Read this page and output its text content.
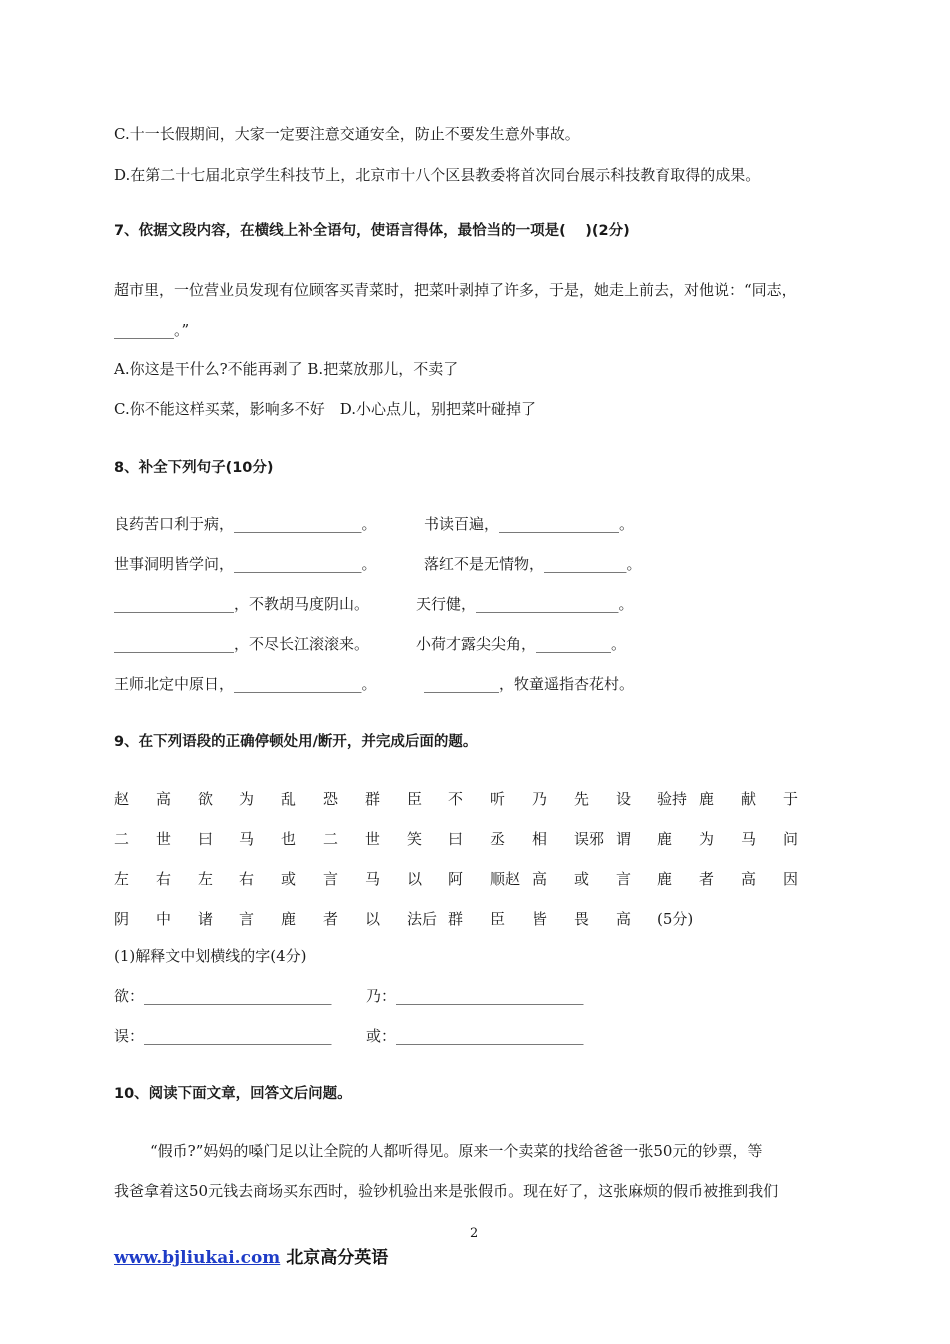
C.十一长假期间，大家一定要注意交通安全，防止不要发生意外事故。
D.在第二十七届北京学生科技节上，北京市十八个区县教委将首次同台展示科技教育取得的成果。
7、依据文段内容，在横线上补全语句，使语言得体，最恰当的一项是(　 )(2分)
超市里，一位营业员发现有位顾客买青菜时，把菜叶剥掉了许多，于是，她走上前去，对他说：“同志，
________。”
A.你这是干什么?不能再剥了 B.把菜放那儿，不卖了
C.你不能这样买菜，影响多不好　D.小心点儿，别把菜叶碰掉了
8、补全下列句子(10分)
良药苦口利于病，_________________。	书读百遍，________________。
世事洞明皆学问，_________________。	落红不是无情物，___________。
________________，不教胡马度阴山。	天行健，___________________。
________________，不尽长江滚滚来。	小荷才露尖尖角，__________。
王师北定中原日，_________________。	__________，牧童遥指杏花村。
9、在下列语段的正确停顿处用/断开，并完成后面的题。
赵 高 欲 为 乱 恐 群 臣 不 听 乃 先 设 验持 鹿 献 于
二 世 曰 马 也 二 世 笑 曰 丞 相 误邪 谓 鹿 为 马 问
左 右 左 右 或 言 马 以 阿 顺赵 高 或 言 鹿 者 高 因
阴 中 诸 言 鹿 者 以 法后 群 臣 皆 畏 高 (5分)
(1)解释文中划横线的字(4分)
欲：_________________________ 乃：_________________________
误：_________________________ 或：_________________________
10、阅读下面文章，回答文后问题。
“假币?”妈妈的嗓门足以让全院的人都听得见。原来一个卖菜的找给爸爸一张50元的钞票，等
我爸拿着这50元钱去商场买东西时，验钞机验出来是张假币。现在好了，这张麻烦的假币被推到我们
2
www.bjliukai.com 北京高分英语
